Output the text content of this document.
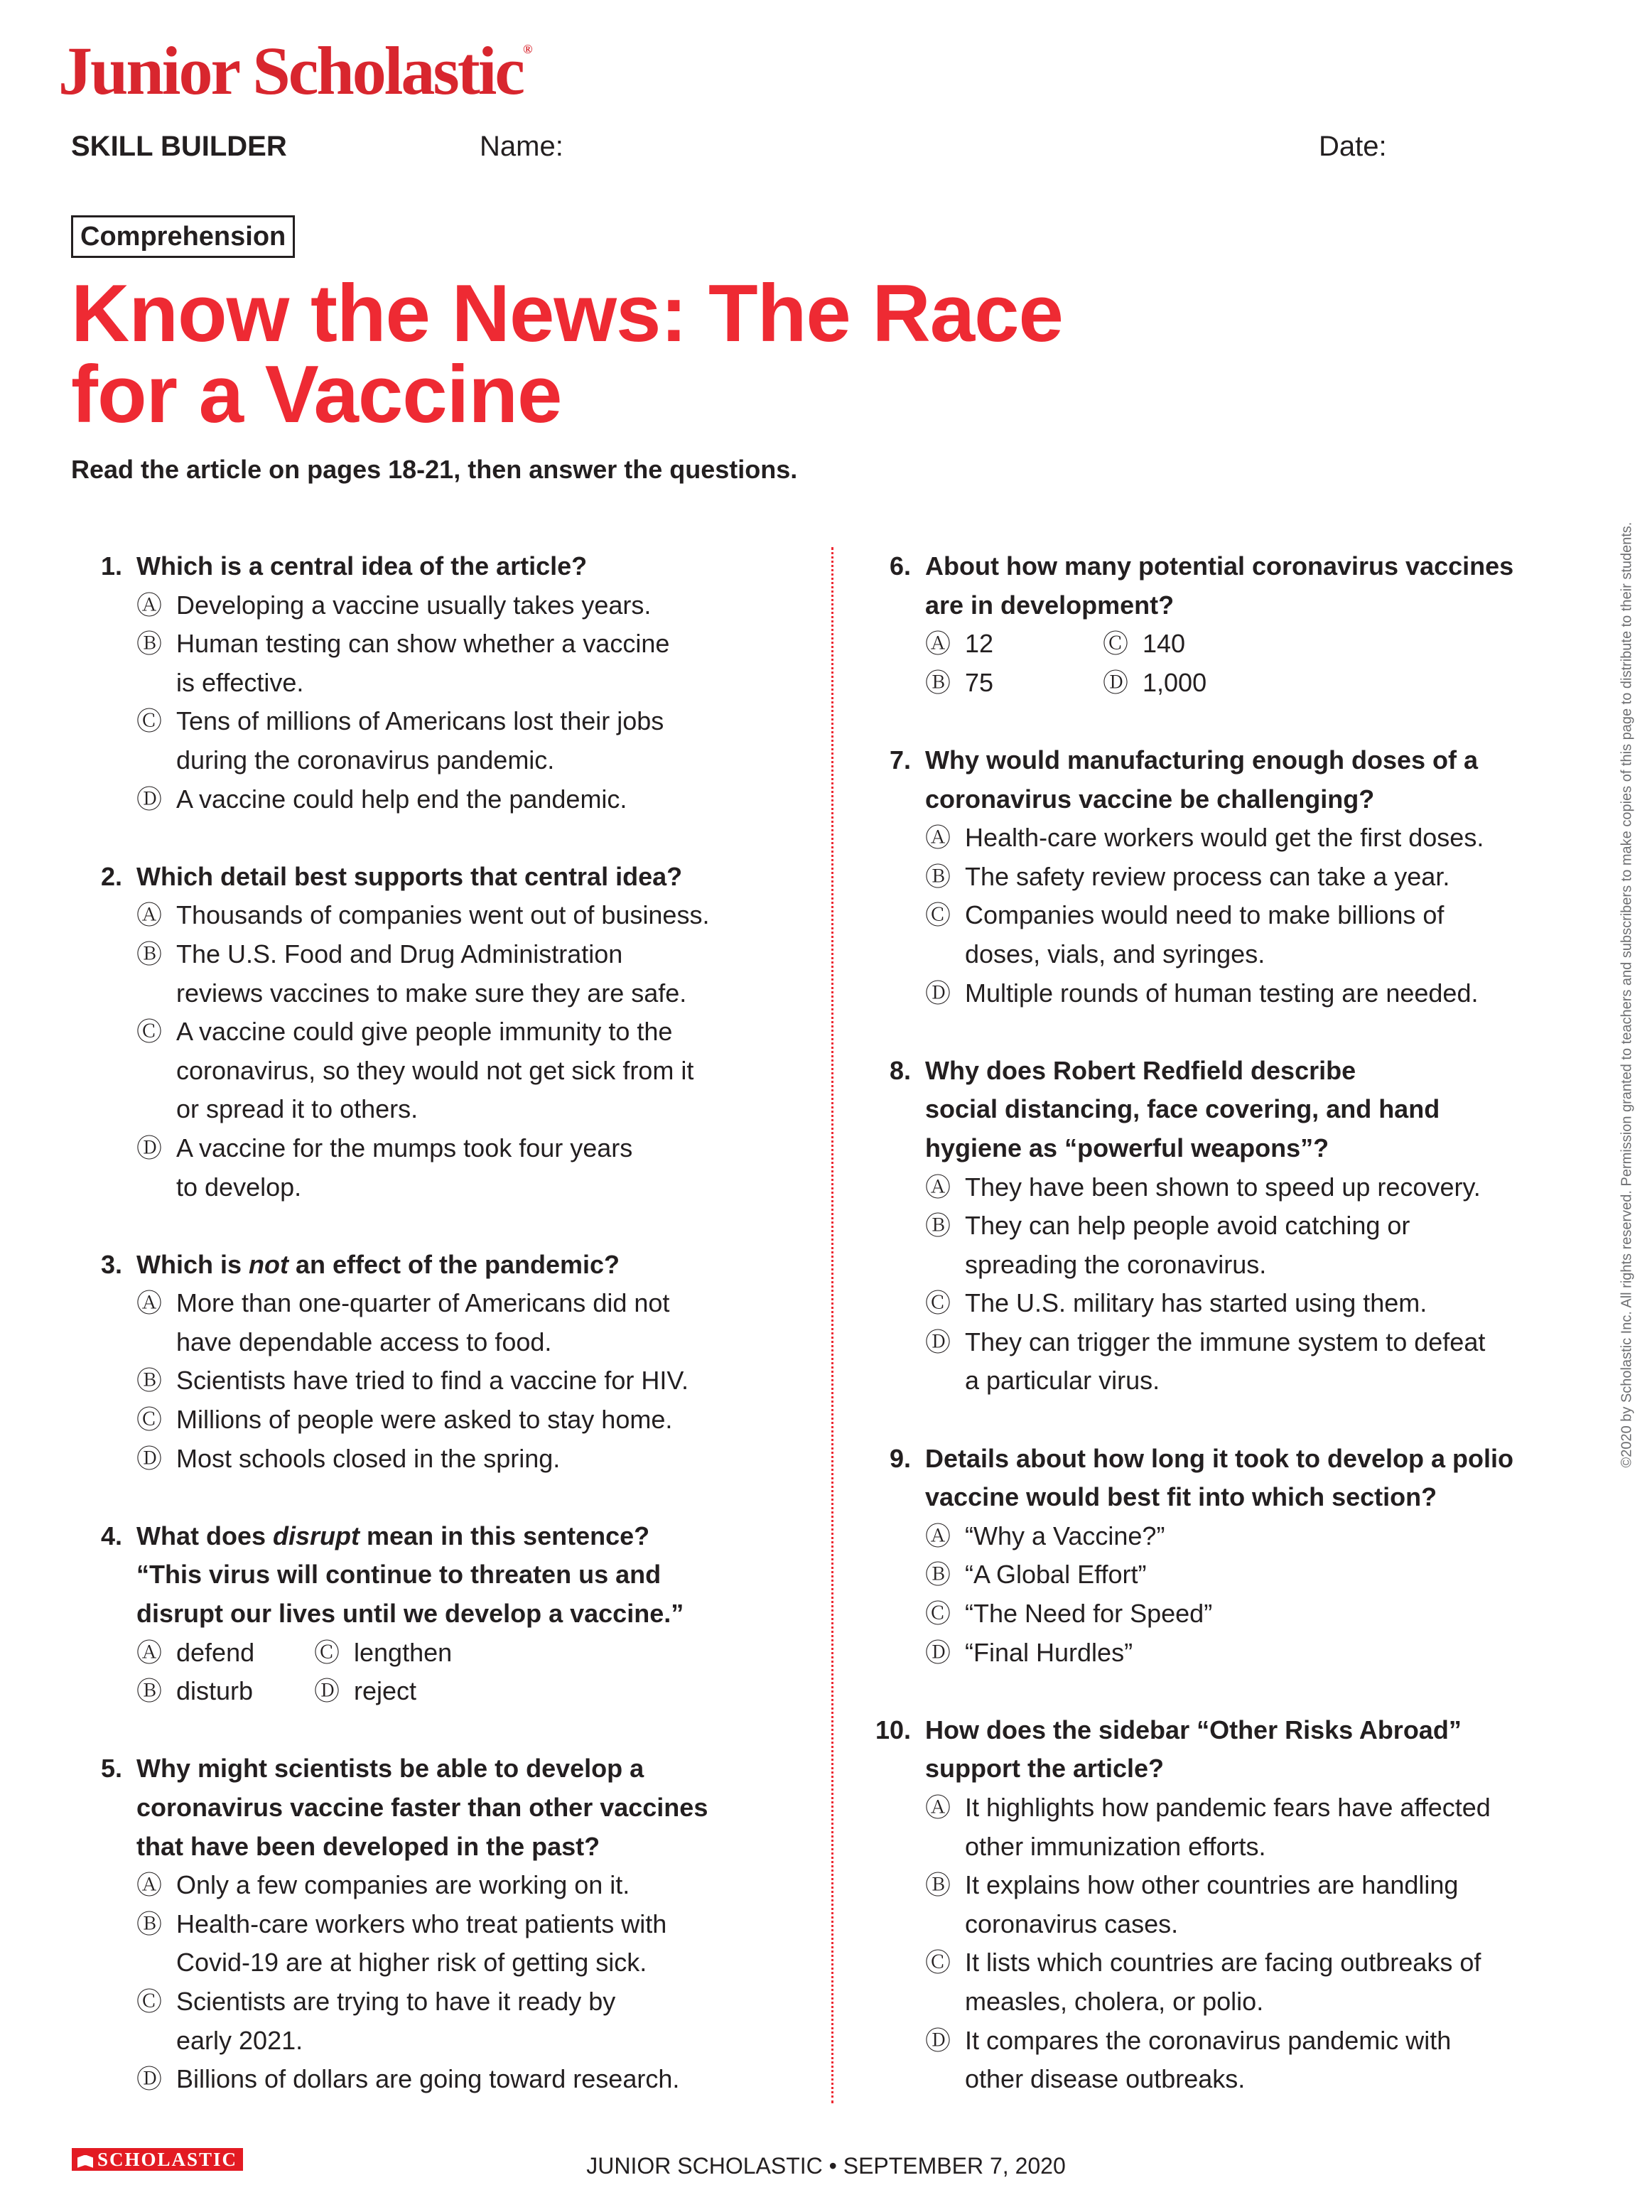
Junior Scholastic®
SKILL BUILDER	Name:	Date:
Comprehension
Know the News: The Race
for a Vaccine
Read the article on pages 18-21, then answer the questions.
1. Which is a central idea of the article?
Ⓐ Developing a vaccine usually takes years.
Ⓑ Human testing can show whether a vaccine
is effective.
Ⓒ Tens of millions of Americans lost their jobs
during the coronavirus pandemic.
Ⓓ A vaccine could help end the pandemic.
2. Which detail best supports that central idea?
Ⓐ Thousands of companies went out of business.
Ⓑ The U.S. Food and Drug Administration
reviews vaccines to make sure they are safe.
Ⓒ A vaccine could give people immunity to the
coronavirus, so they would not get sick from it
or spread it to others.
Ⓓ A vaccine for the mumps took four years
to develop.
3. Which is not an effect of the pandemic?
Ⓐ More than one-quarter of Americans did not
have dependable access to food.
Ⓑ Scientists have tried to find a vaccine for HIV.
Ⓒ Millions of people were asked to stay home.
Ⓓ Most schools closed in the spring.
4. What does disrupt mean in this sentence?
“This virus will continue to threaten us and
disrupt our lives until we develop a vaccine.”
Ⓐ defend	Ⓒ lengthen
Ⓑ disturb	Ⓓ reject
5. Why might scientists be able to develop a
coronavirus vaccine faster than other vaccines
that have been developed in the past?
Ⓐ Only a few companies are working on it.
Ⓑ Health-care workers who treat patients with
Covid-19 are at higher risk of getting sick.
Ⓒ Scientists are trying to have it ready by
early 2021.
Ⓓ Billions of dollars are going toward research.
6. About how many potential coronavirus vaccines
are in development?
Ⓐ 12	Ⓒ 140
Ⓑ 75	Ⓓ 1,000
7. Why would manufacturing enough doses of a
coronavirus vaccine be challenging?
Ⓐ Health-care workers would get the first doses.
Ⓑ The safety review process can take a year.
Ⓒ Companies would need to make billions of
doses, vials, and syringes.
Ⓓ Multiple rounds of human testing are needed.
8. Why does Robert Redfield describe
social distancing, face covering, and hand
hygiene as “powerful weapons”?
Ⓐ They have been shown to speed up recovery.
Ⓑ They can help people avoid catching or
spreading the coronavirus.
Ⓒ The U.S. military has started using them.
Ⓓ They can trigger the immune system to defeat
a particular virus.
9. Details about how long it took to develop a polio
vaccine would best fit into which section?
Ⓐ “Why a Vaccine?”
Ⓑ “A Global Effort”
Ⓒ “The Need for Speed”
Ⓓ “Final Hurdles”
10. How does the sidebar “Other Risks Abroad”
support the article?
Ⓐ It highlights how pandemic fears have affected
other immunization efforts.
Ⓑ It explains how other countries are handling
coronavirus cases.
Ⓒ It lists which countries are facing outbreaks of
measles, cholera, or polio.
Ⓓ It compares the coronavirus pandemic with
other disease outbreaks.
©2020 by Scholastic Inc. All rights reserved. Permission granted to teachers and subscribers to make copies of this page to distribute to their students.
SCHOLASTIC	JUNIOR SCHOLASTIC • SEPTEMBER 7, 2020
